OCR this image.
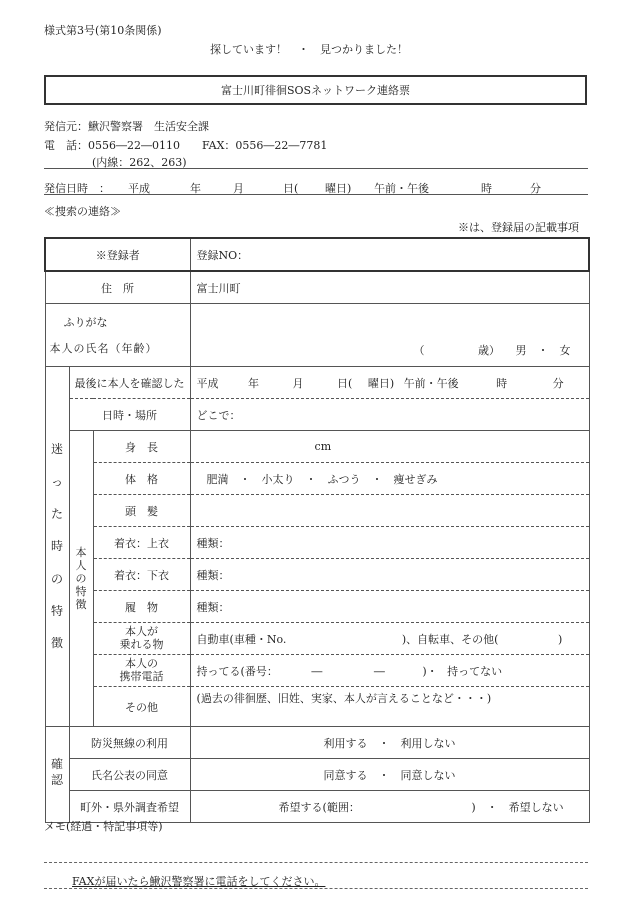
様式第3号(第10条関係)
探しています！　・　見つかりました！
富士川町徘徊SOSネットワーク連絡票
発信元：鰍沢警察署　生活安全課
電　話：0556―22―0110　　FAX：0556―22―7781
(内線：262、263)
発信日時　： 平成	年	月	日( 曜日) 午前・午後	時	分
≪捜索の連絡≫
※は、登録届の記載事項
※登録者			登録NO：
住　所			富士川町

ふりがな
本人の氏名（年齢）			（ 歳） 男　・　女
迷った時の特徴	最後に本人を確認した		平成 年 月 日( 曜日) 午前・午後 時 分
	日時・場所		どこで：
	本人の特徴	身　長	cm
		体　格	肥満　・　小太り　・　ふつう　・　痩せぎみ
		頭　髪	
		着衣：上衣	種類：
		着衣：下衣	種類：
		履　物	種類：

		本人が
乗れる物	自動車(車種・No. )、自転車、その他( )

		本人の
携帯電話	持ってる(番号： ― ― )・ 持ってない
		その他	(過去の徘徊歴、旧姓、実家、本人が言えることなど・・・)
確認	防災無線の利用		利用する　・　利用しない
	氏名公表の同意		同意する　・　同意しない
	町外・県外調査希望		希望する(範囲： )　・　希望しない
メモ(経過・特記事項等)
FAXが届いたら鰍沢警察署に電話をしてください。
